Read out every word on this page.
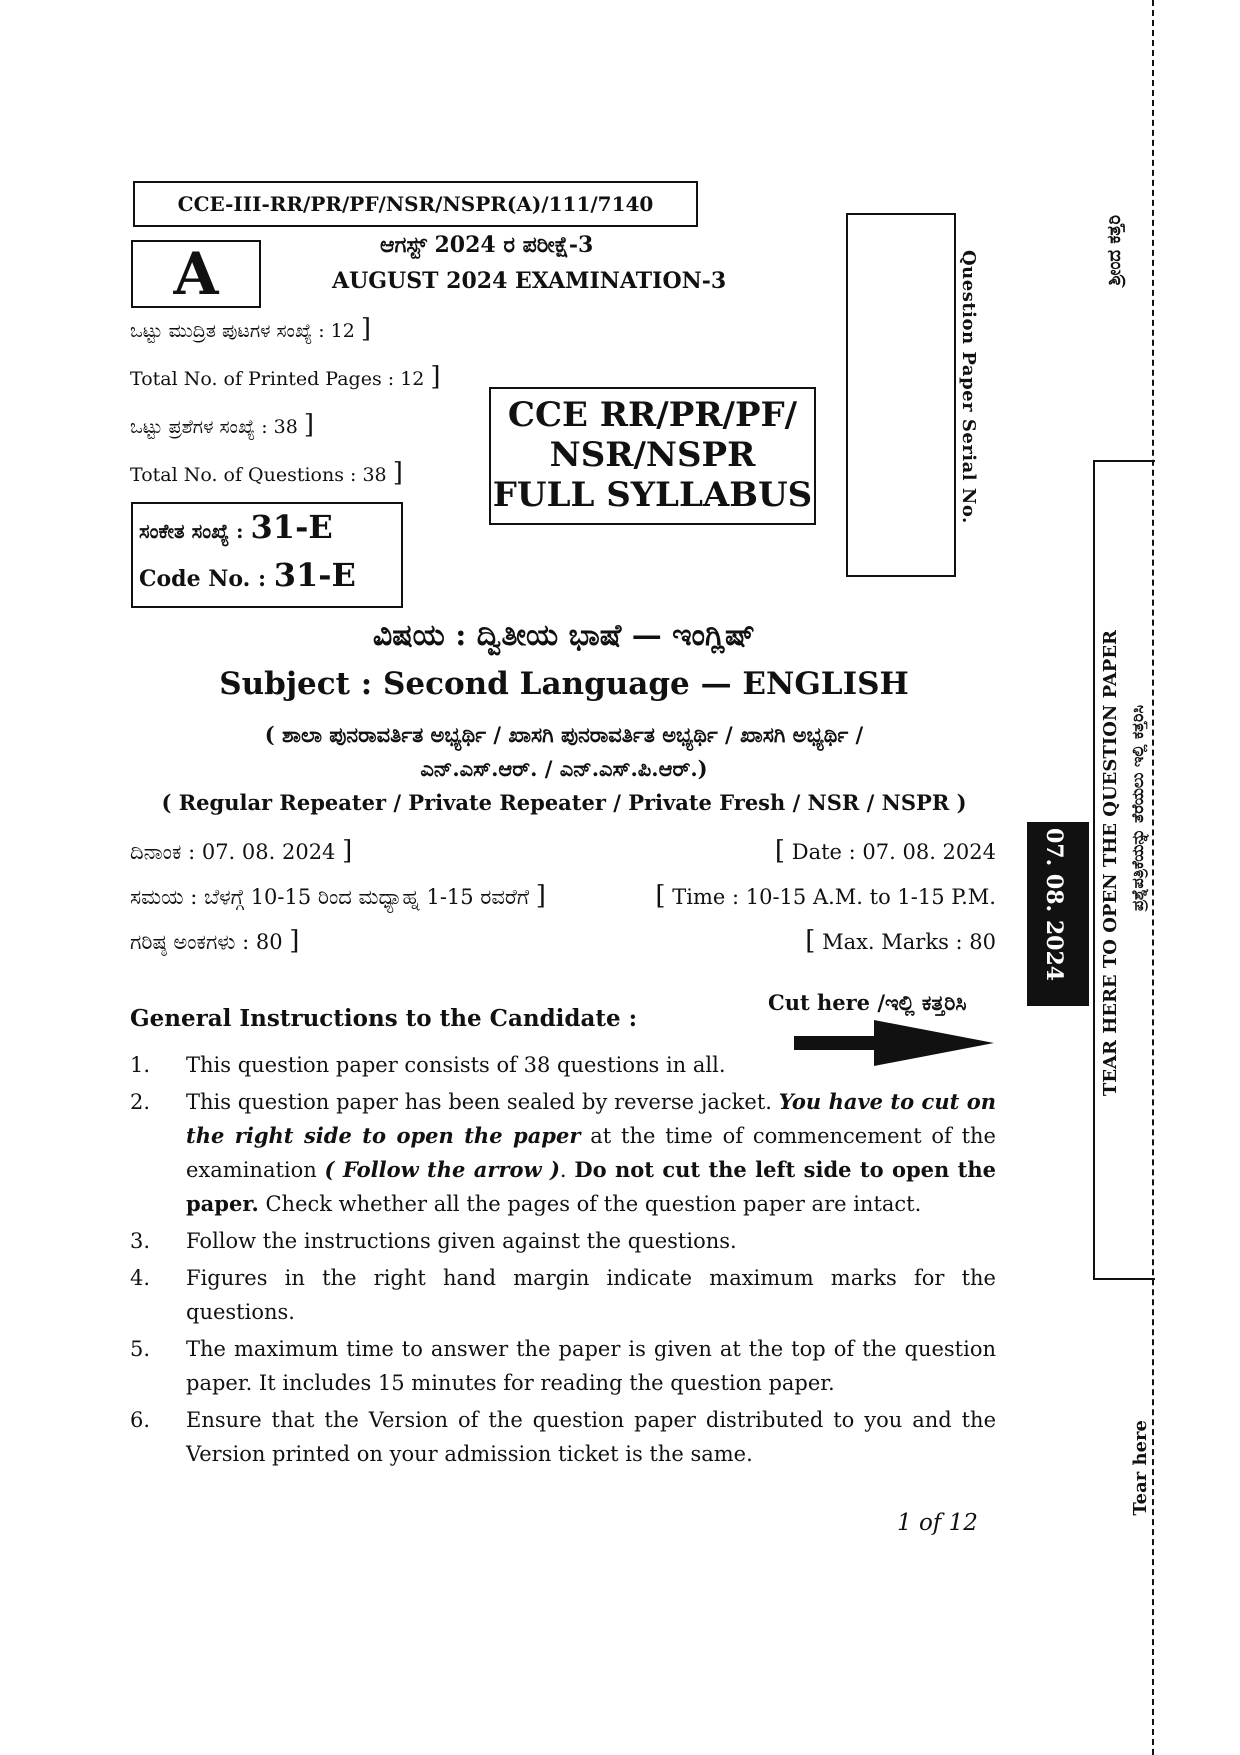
CCE-III-RR/PR/PF/NSR/NSPR(A)/111/7140
A	ಆಗಸ್ಟ್ 2024 ರ ಪರೀಕ್ಷೆ-3
AUGUST 2024 EXAMINATION-3
ಒಟ್ಟು ಮುದ್ರಿತ ಪುಟಗಳ ಸಂಖ್ಯೆ : 12 ]
Total No. of Printed Pages : 12 ]
ಒಟ್ಟು ಪ್ರಶೆಗಳ ಸಂಖ್ಯೆ : 38 ]
Total No. of Questions : 38 ]
ಸಂಕೇತ ಸಂಖ್ಯೆ : 31-E
Code No. : 31-E
CCE RR/PR/PF/
NSR/NSPR
FULL SYLLABUS	Question Paper Serial No.
ವಿಷಯ : ದ್ವಿತೀಯ ಭಾಷೆ — ಇಂಗ್ಲಿಷ್
Subject : Second Language — ENGLISH
( ಶಾಲಾ ಪುನರಾವರ್ತಿತ ಅಭ್ಯರ್ಥಿ / ಖಾಸಗಿ ಪುನರಾವರ್ತಿತ ಅಭ್ಯರ್ಥಿ / ಖಾಸಗಿ ಅಭ್ಯರ್ಥಿ /
ಎನ್.ಎಸ್.ಆರ್. / ಎನ್.ಎಸ್.ಪಿ.ಆರ್.)
( Regular Repeater / Private Repeater / Private Fresh / NSR / NSPR )
ದಿನಾಂಕ : 07. 08. 2024 ]	[ Date : 07. 08. 2024
ಸಮಯ : ಬೆಳಗ್ಗೆ 10-15 ರಿಂದ ಮಧ್ಯಾಹ್ನ 1-15 ರವರೆಗೆ ]	[ Time : 10-15 A.M. to 1-15 P.M.
ಗರಿಷ್ಠ ಅಂಕಗಳು : 80 ]	[ Max. Marks : 80
General Instructions to the Candidate :
Cut here /ಇಲ್ಲಿ ಕತ್ತರಿಸಿ
1.	This question paper consists of 38 questions in all.
2.	This question paper has been sealed by reverse jacket. You have to cut on the right side to open the paper at the time of commencement of the examination ( Follow the arrow ). Do not cut the left side to open the paper. Check whether all the pages of the question paper are intact.
3.	Follow the instructions given against the questions.
4.	Figures in the right hand margin indicate maximum marks for the questions.
5.	The maximum time to answer the paper is given at the top of the question paper. It includes 15 minutes for reading the question paper.
6.	Ensure that the Version of the question paper distributed to you and the Version printed on your admission ticket is the same.
1 of 12
ಶ್ರೀಂದ ಕತ್ತರಿ
TEAR HERE TO OPEN THE QUESTION PAPER ಪ್ರಶ್ನೆಪತ್ರಿಕೆಯನ್ನು ತೆರೆಯಲು ಇಲ್ಲಿ ಕತ್ತರಿಸಿ
07. 08. 2024
Tear here
